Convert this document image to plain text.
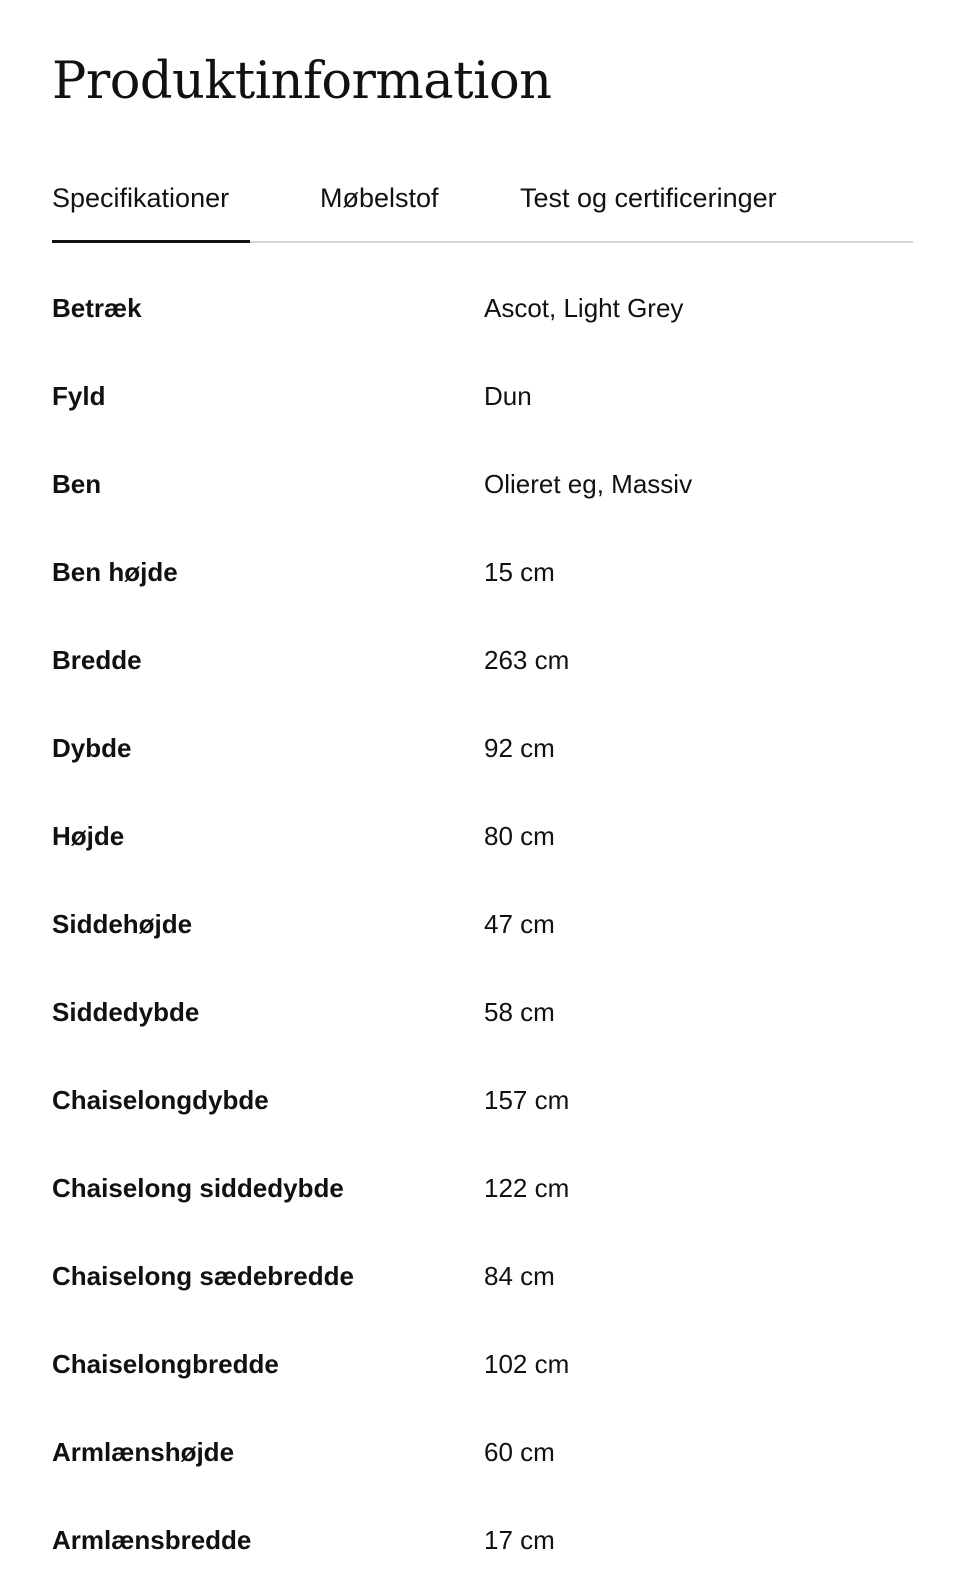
Produktinformation
Specifikationer	Møbelstof	Test og certificeringer
Betræk	Ascot, Light Grey
Fyld	Dun
Ben	Olieret eg, Massiv
Ben højde	15 cm
Bredde	263 cm
Dybde	92 cm
Højde	80 cm
Siddehøjde	47 cm
Siddedybde	58 cm
Chaiselongdybde	157 cm
Chaiselong siddedybde	122 cm
Chaiselong sædebredde	84 cm
Chaiselongbredde	102 cm
Armlænshøjde	60 cm
Armlænsbredde	17 cm
